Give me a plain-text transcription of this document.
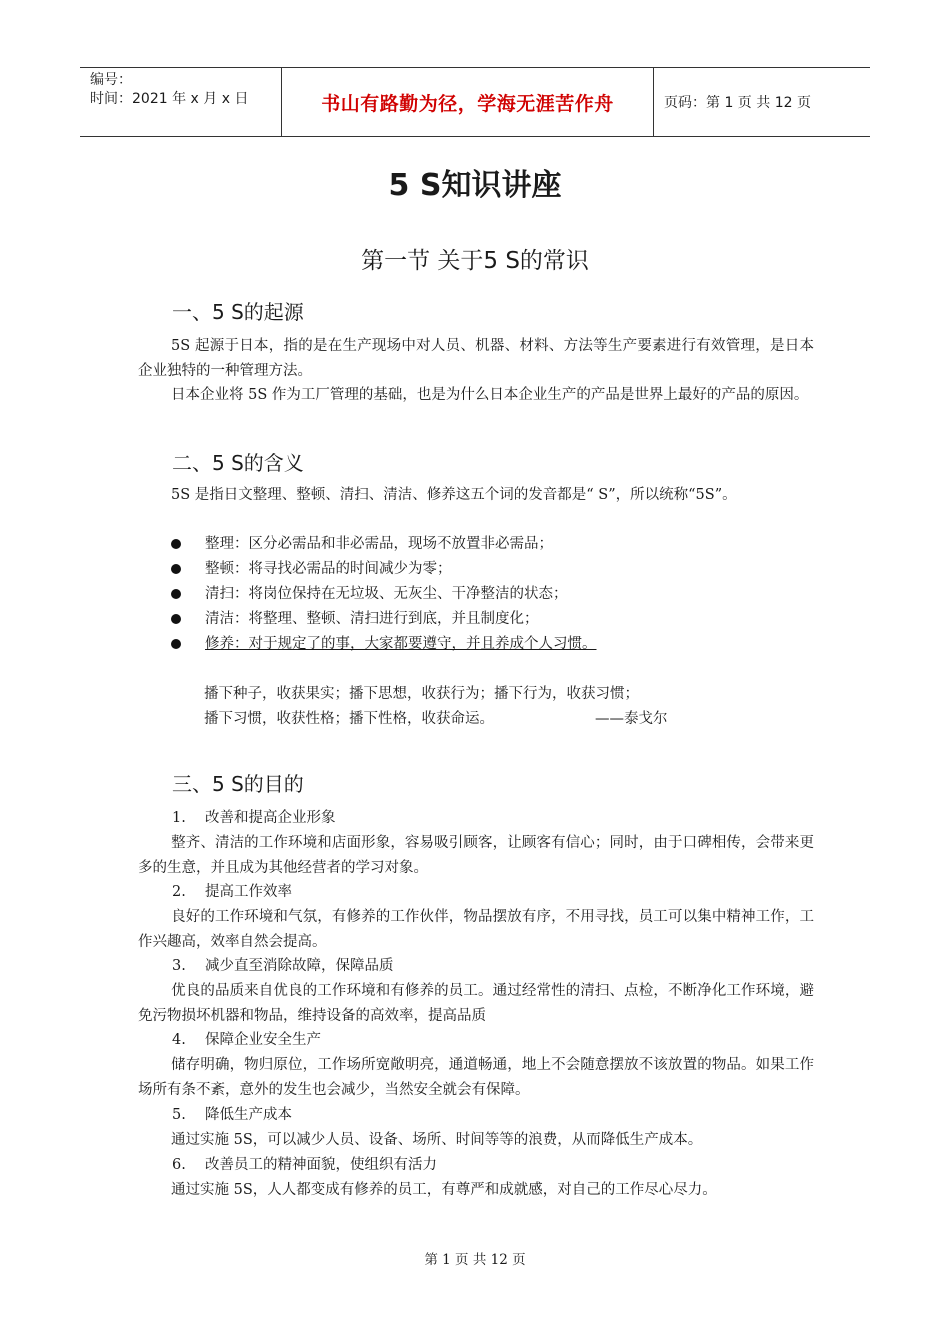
编号：
时间：2021 年 x 月 x 日	书山有路勤为径，学海无涯苦作舟	页码：第 1 页 共 12 页
5 S知识讲座
第一节 关于5 S的常识
一、5 S的起源
5S 起源于日本，指的是在生产现场中对人员、机器、材料、方法等生产要素进行有效管理，是日本企业独特的一种管理方法。
日本企业将 5S 作为工厂管理的基础，也是为什么日本企业生产的产品是世界上最好的产品的原因。
二、5 S的含义
5S 是指日文整理、整顿、清扫、清洁、修养这五个词的发音都是“ S”，所以统称“5S”。
整理：区分必需品和非必需品，现场不放置非必需品；
整顿：将寻找必需品的时间减少为零；
清扫：将岗位保持在无垃圾、无灰尘、干净整洁的状态；
清洁：将整理、整顿、清扫进行到底，并且制度化；
修养：对于规定了的事，大家都要遵守，并且养成个人习惯。
播下种子，收获果实；播下思想，收获行为；播下行为，收获习惯；
播下习惯，收获性格；播下性格，收获命运。	——泰戈尔
三、5 S的目的
1. 改善和提高企业形象
整齐、清洁的工作环境和店面形象，容易吸引顾客，让顾客有信心；同时，由于口碑相传，会带来更多的生意，并且成为其他经营者的学习对象。
2. 提高工作效率
良好的工作环境和气氛，有修养的工作伙伴，物品摆放有序，不用寻找，员工可以集中精神工作，工作兴趣高，效率自然会提高。
3. 减少直至消除故障，保障品质
优良的品质来自优良的工作环境和有修养的员工。通过经常性的清扫、点检，不断净化工作环境，避免污物损坏机器和物品，维持设备的高效率，提高品质
4. 保障企业安全生产
储存明确，物归原位，工作场所宽敞明亮，通道畅通，地上不会随意摆放不该放置的物品。如果工作场所有条不紊，意外的发生也会减少，当然安全就会有保障。
5. 降低生产成本
通过实施 5S，可以减少人员、设备、场所、时间等等的浪费，从而降低生产成本。
6. 改善员工的精神面貌，使组织有活力
通过实施 5S，人人都变成有修养的员工，有尊严和成就感，对自己的工作尽心尽力。
第 1 页 共 12 页
